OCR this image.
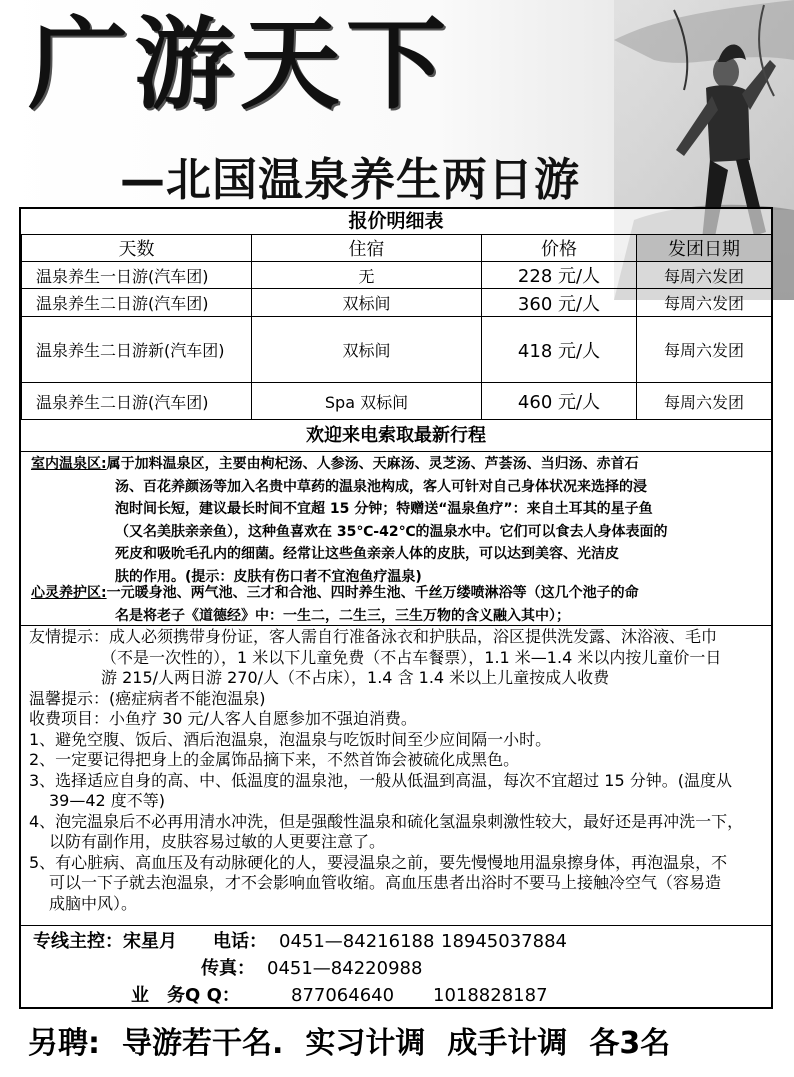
广游天下
—北国温泉养生两日游
报价明细表
天数	住宿	价格	发团日期
温泉养生一日游(汽车团)	无	228 元/人	每周六发团
温泉养生二日游(汽车团)	双标间	360 元/人	每周六发团
温泉养生二日游新(汽车团)	双标间	418 元/人	每周六发团
温泉养生二日游(汽车团)	Spa 双标间	460 元/人	每周六发团
欢迎来电索取最新行程
室内温泉区:属于加料温泉区，主要由枸杞汤、人参汤、天麻汤、灵芝汤、芦荟汤、当归汤、赤首石
汤、百花养颜汤等加入名贵中草药的温泉池构成，客人可针对自己身体状况来选择的浸
泡时间长短，建议最长时间不宜超 15 分钟；特赠送“温泉鱼疗”：来自土耳其的星子鱼
（又名美肤亲亲鱼），这种鱼喜欢在 35℃-42℃的温泉水中。它们可以食去人身体表面的
死皮和吸吮毛孔内的细菌。经常让这些鱼亲亲人体的皮肤，可以达到美容、光洁皮
肤的作用。(提示：皮肤有伤口者不宜泡鱼疗温泉)
心灵养护区:一元暖身池、两气池、三才和合池、四时养生池、千丝万缕喷淋浴等（这几个池子的命
名是将老子《道德经》中：一生二，二生三，三生万物的含义融入其中）；
友情提示：成人必须携带身份证，客人需自行准备泳衣和护肤品，浴区提供洗发露、沐浴液、毛巾
（不是一次性的），1 米以下儿童免费（不占车餐票），1.1 米—1.4 米以内按儿童价一日
游 215/人两日游 270/人（不占床），1.4 含 1.4 米以上儿童按成人收费
温馨提示：(癌症病者不能泡温泉)
收费项目：小鱼疗 30 元/人客人自愿参加不强迫消费。
1、避免空腹、饭后、酒后泡温泉，泡温泉与吃饭时间至少应间隔一小时。
2、一定要记得把身上的金属饰品摘下来，不然首饰会被硫化成黑色。
3、选择适应自身的高、中、低温度的温泉池，一般从低温到高温，每次不宜超过 15 分钟。(温度从
39—42 度不等)
4、泡完温泉后不必再用清水冲洗，但是强酸性温泉和硫化氢温泉刺激性较大，最好还是再冲洗一下，
以防有副作用，皮肤容易过敏的人更要注意了。
5、有心脏病、高血压及有动脉硬化的人，要浸温泉之前，要先慢慢地用温泉擦身体，再泡温泉，不
可以一下子就去泡温泉，才不会影响血管收缩。高血压患者出浴时不要马上接触冷空气（容易造
成脑中风）。
专线主控：宋星月 电话： 0451—84216188 18945037884
传真： 0451—84220988
业　务Q Q：	877064640 1018828187
另聘: 导游若干名. 实习计调 成手计调 各3名
